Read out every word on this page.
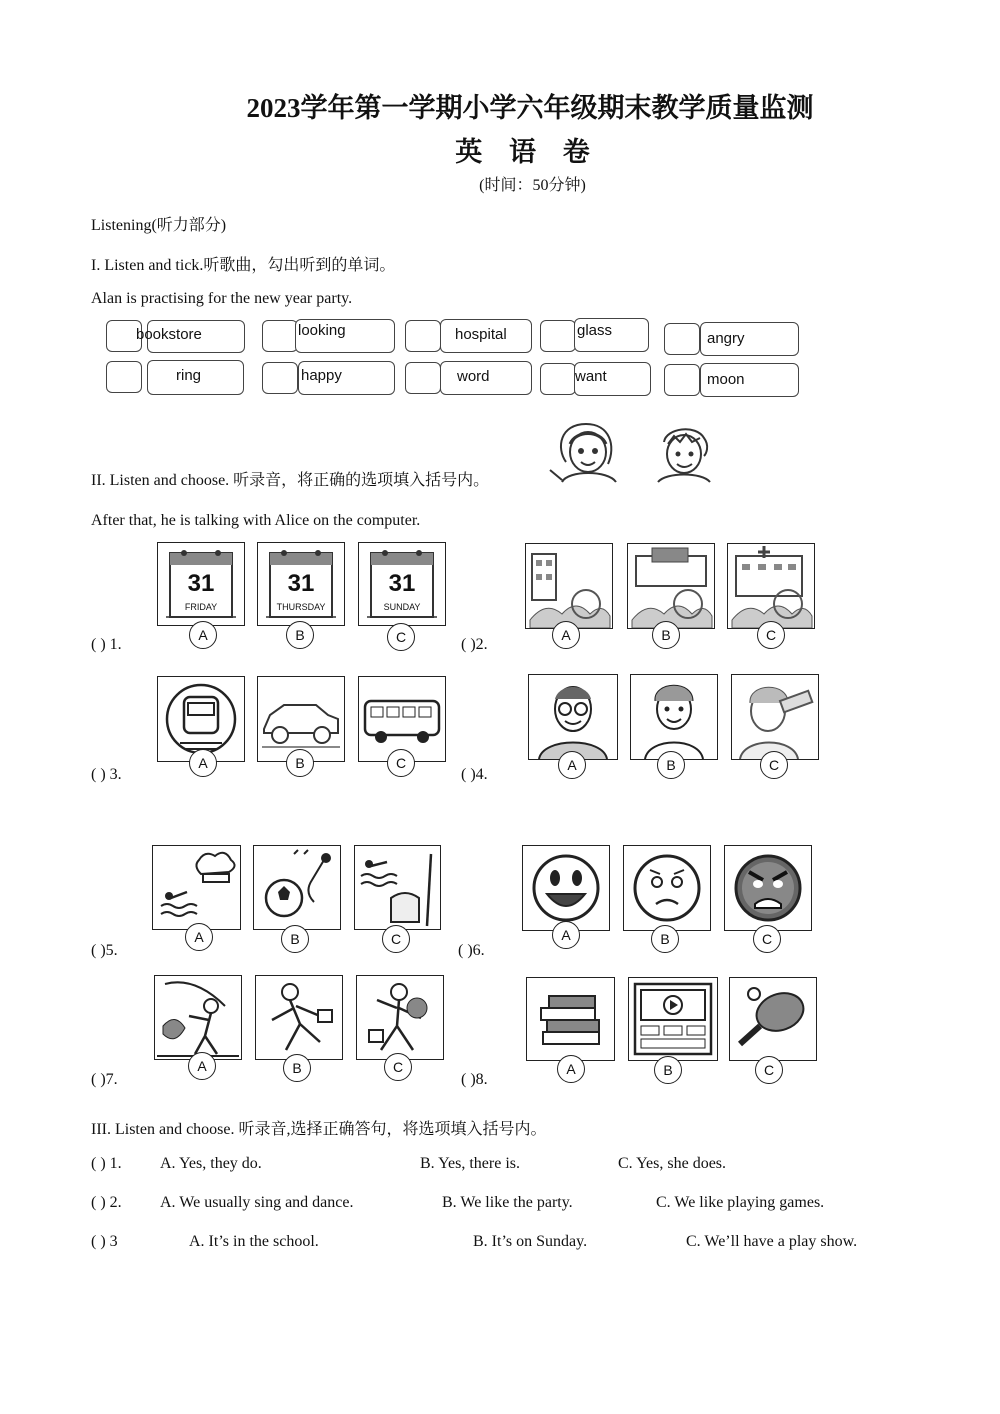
2023学年第一学期小学六年级期末教学质量监测
英 语 卷
(时间：50分钟)
Listening(听力部分)
I. Listen and tick.听歌曲，勾出听到的单词。
Alan is practising for the new year party.
bookstore	looking	hospital	glass	angry
ring	happy	word	want	moon
II. Listen and choose. 听录音，将正确的选项填入括号内。
After that, he is talking with Alice on the computer.
( ) 1.
31
FRIDAY
31
THURSDAY
31
SUNDAY
A	B	C	( )2.
A	B	C
( ) 3.
A	B	C
( )4.
A	B	C
( )5.
A	B	C
( )6.
A	B	C
( )7.
A	B	C
( )8.
A	B	C
III. Listen and choose. 听录音,选择正确答句，将选项填入括号内。
( ) 1. A. Yes, they do.	B. Yes, there is.	C. Yes, she does.
( ) 2. A. We usually sing and dance.	B. We like the party.	C. We like playing games.
( ) 3	A. It’s in the school.	B. It’s on Sunday.	C. We’ll have a play show.
